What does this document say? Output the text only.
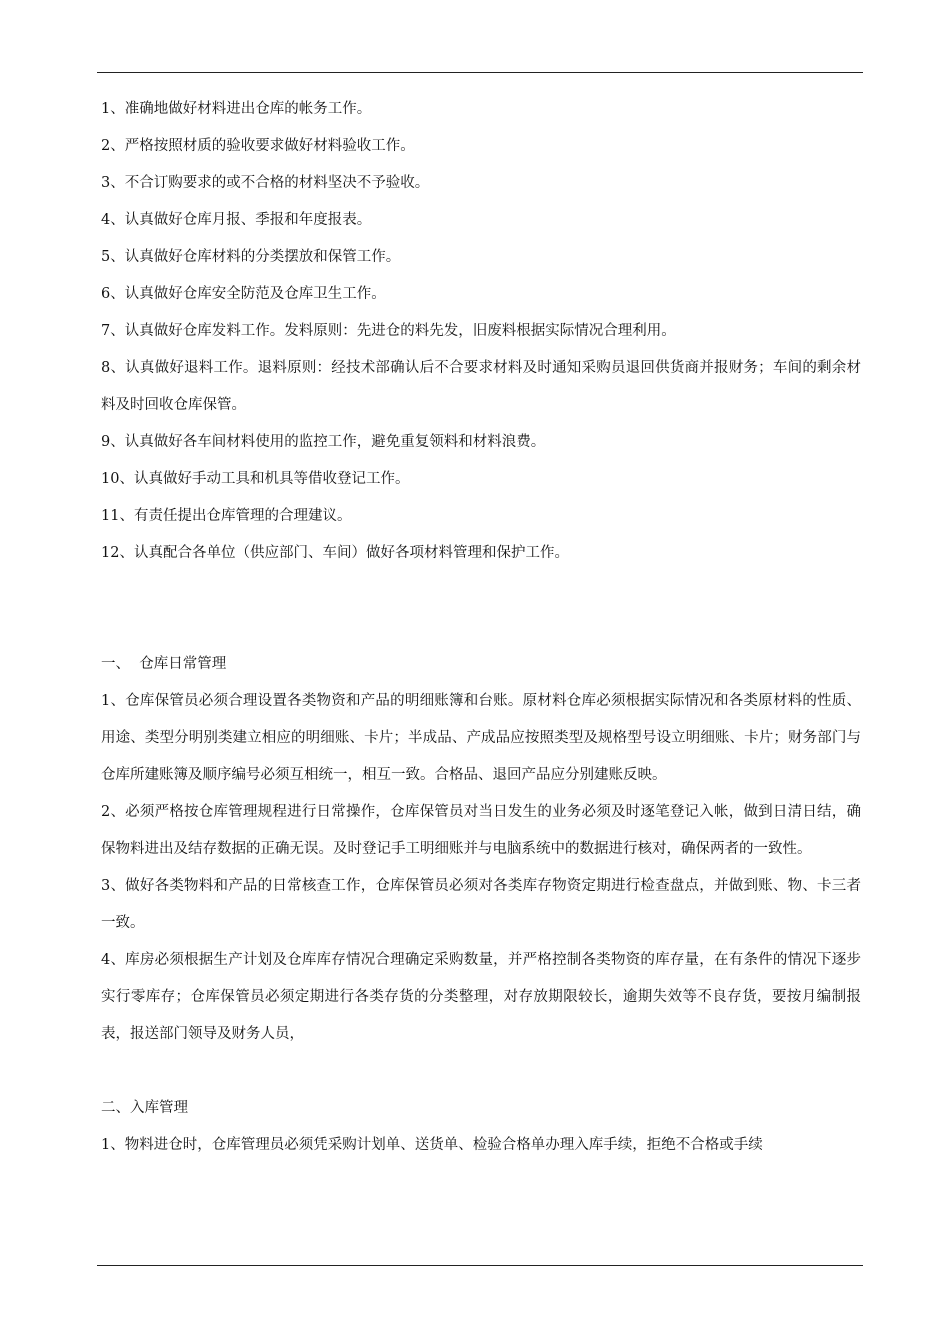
1、准确地做好材料进出仓库的帐务工作。

2、严格按照材质的验收要求做好材料验收工作。

3、不合订购要求的或不合格的材料坚决不予验收。

4、认真做好仓库月报、季报和年度报表。

5、认真做好仓库材料的分类摆放和保管工作。

6、认真做好仓库安全防范及仓库卫生工作。

7、认真做好仓库发料工作。发料原则：先进仓的料先发，旧废料根据实际情况合理利用。

8、认真做好退料工作。退料原则：经技术部确认后不合要求材料及时通知采购员退回供货商并报财务；车间的剩余材料及时回收仓库保管。

9、认真做好各车间材料使用的监控工作，避免重复领料和材料浪费。

10、认真做好手动工具和机具等借收登记工作。

11、有责任提出仓库管理的合理建议。

12、认真配合各单位（供应部门、车间）做好各项材料管理和保护工作。

一、  仓库日常管理

1、仓库保管员必须合理设置各类物资和产品的明细账簿和台账。原材料仓库必须根据实际情况和各类原材料的性质、用途、类型分明别类建立相应的明细账、卡片；半成品、产成品应按照类型及规格型号设立明细账、卡片；财务部门与仓库所建账簿及顺序编号必须互相统一，相互一致。合格品、退回产品应分别建账反映。

2、必须严格按仓库管理规程进行日常操作，仓库保管员对当日发生的业务必须及时逐笔登记入帐，做到日清日结，确保物料进出及结存数据的正确无误。及时登记手工明细账并与电脑系统中的数据进行核对，确保两者的一致性。

3、做好各类物料和产品的日常核查工作，仓库保管员必须对各类库存物资定期进行检查盘点，并做到账、物、卡三者一致。

4、库房必须根据生产计划及仓库库存情况合理确定采购数量，并严格控制各类物资的库存量，在有条件的情况下逐步实行零库存；仓库保管员必须定期进行各类存货的分类整理，对存放期限较长，逾期失效等不良存货，要按月编制报表，报送部门领导及财务人员，

二、入库管理

1、物料进仓时，仓库管理员必须凭采购计划单、送货单、检验合格单办理入库手续，拒绝不合格或手续
